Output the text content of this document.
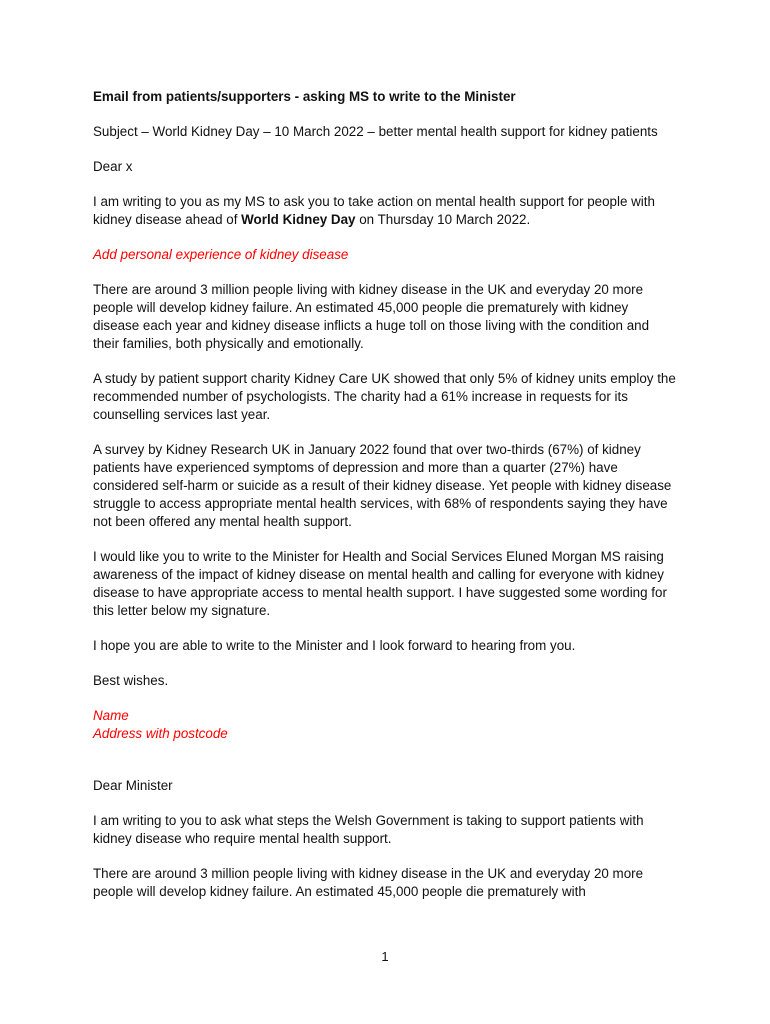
Email from patients/supporters - asking MS to write to the Minister

Subject – World Kidney Day – 10 March 2022 – better mental health support for kidney patients

Dear x

I am writing to you as my MS to ask you to take action on mental health support for people with kidney disease ahead of World Kidney Day on Thursday 10 March 2022.

Add personal experience of kidney disease

There are around 3 million people living with kidney disease in the UK and everyday 20 more people will develop kidney failure. An estimated 45,000 people die prematurely with kidney disease each year and kidney disease inflicts a huge toll on those living with the condition and their families, both physically and emotionally.

A study by patient support charity Kidney Care UK showed that only 5% of kidney units employ the recommended number of psychologists. The charity had a 61% increase in requests for its counselling services last year.

A survey by Kidney Research UK in January 2022 found that over two-thirds (67%) of kidney patients have experienced symptoms of depression and more than a quarter (27%) have considered self-harm or suicide as a result of their kidney disease. Yet people with kidney disease struggle to access appropriate mental health services, with 68% of respondents saying they have not been offered any mental health support.

I would like you to write to the Minister for Health and Social Services Eluned Morgan MS raising awareness of the impact of kidney disease on mental health and calling for everyone with kidney disease to have appropriate access to mental health support. I have suggested some wording for this letter below my signature.

I hope you are able to write to the Minister and I look forward to hearing from you.

Best wishes.

Name
Address with postcode

Dear Minister

I am writing to you to ask what steps the Welsh Government is taking to support patients with kidney disease who require mental health support.

There are around 3 million people living with kidney disease in the UK and everyday 20 more people will develop kidney failure. An estimated 45,000 people die prematurely with

1
